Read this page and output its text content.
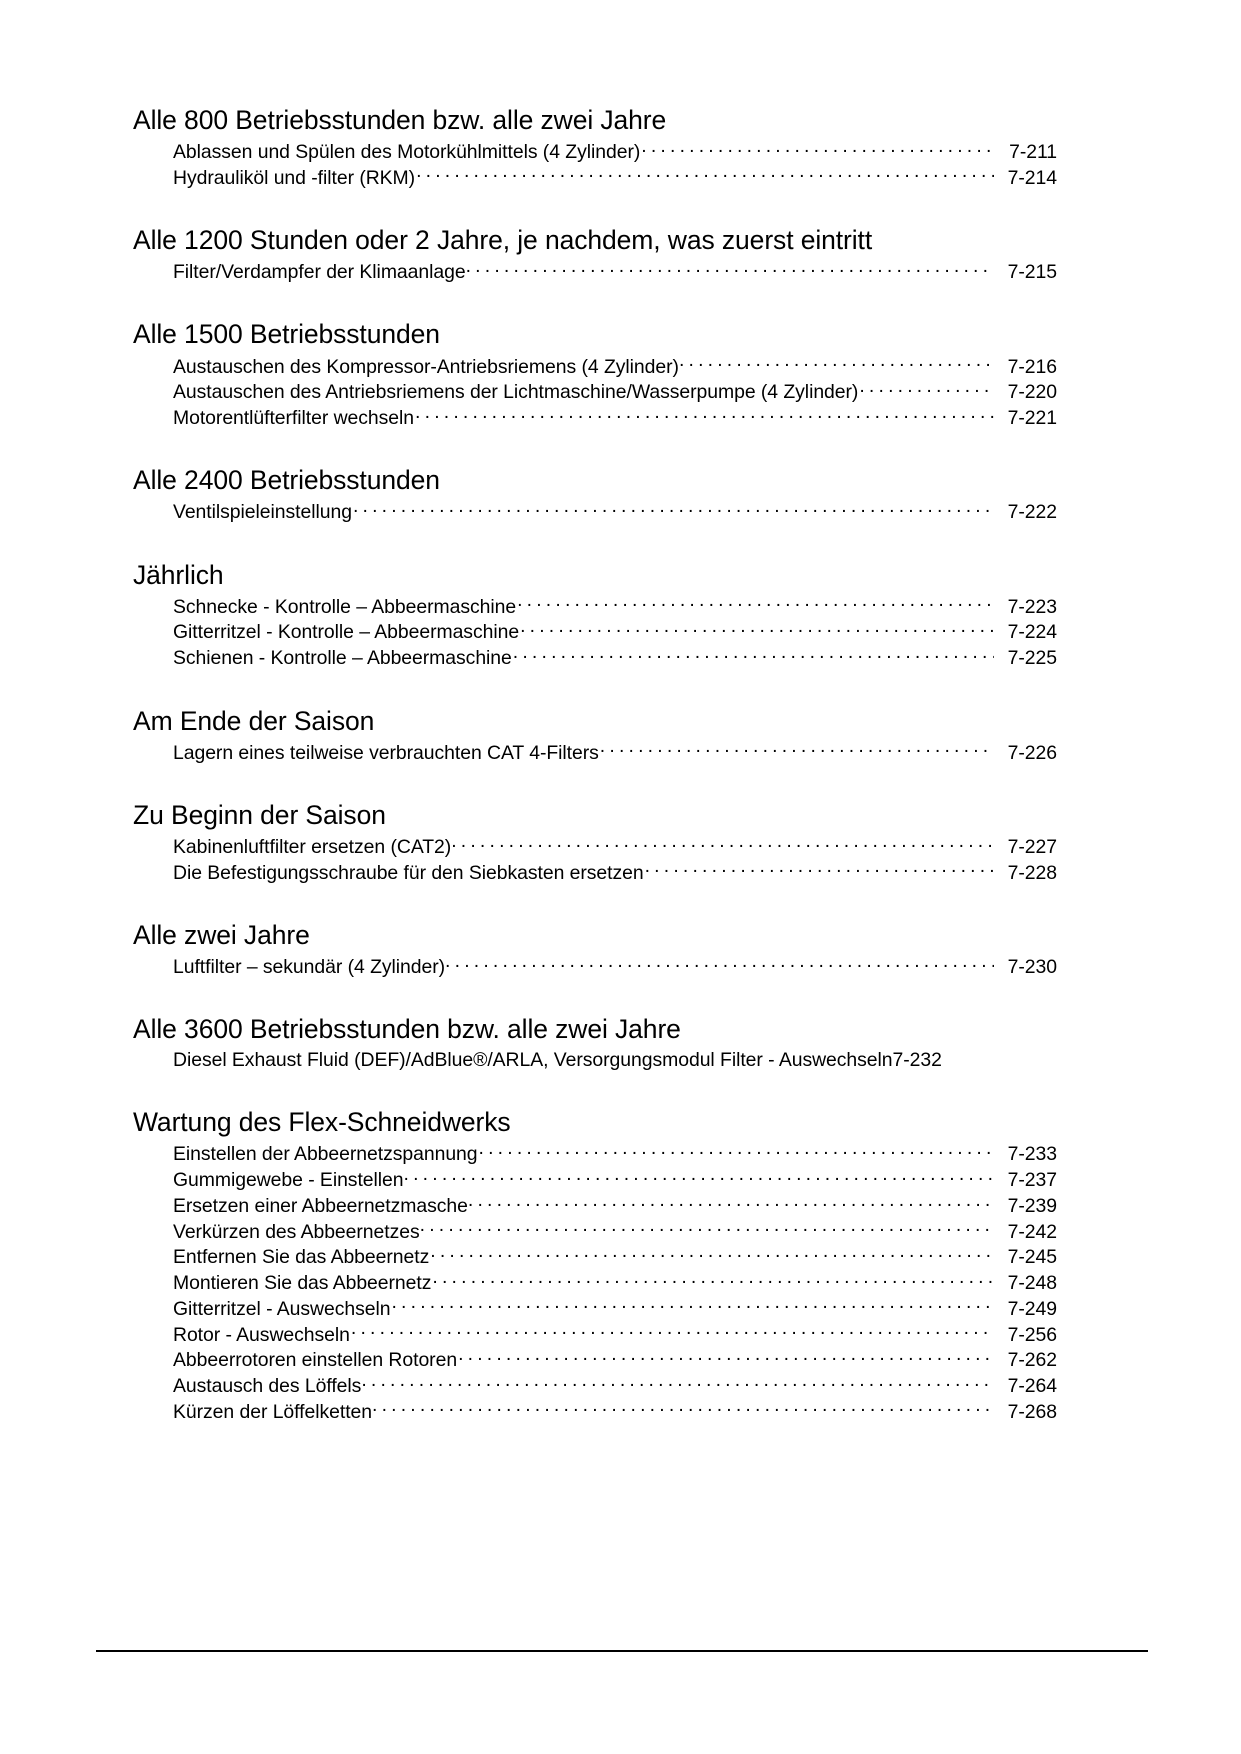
Alle 800 Betriebsstunden bzw. alle zwei Jahre
Ablassen und Spülen des Motorkühlmittels (4 Zylinder) . . .	7-211
Hydrauliköl und -filter (RKM) . . .	7-214
Alle 1200 Stunden oder 2 Jahre, je nachdem, was zuerst eintritt
Filter/Verdampfer der Klimaanlage . . .	7-215
Alle 1500 Betriebsstunden
Austauschen des Kompressor-Antriebsriemens (4 Zylinder) . . .	7-216
Austauschen des Antriebsriemens der Lichtmaschine/Wasserpumpe (4 Zylinder) . . .	7-220
Motorentlüfterfilter wechseln . . .	7-221
Alle 2400 Betriebsstunden
Ventilspieleinstellung . . .	7-222
Jährlich
Schnecke - Kontrolle – Abbeermaschine . . .	7-223
Gitterritzel - Kontrolle – Abbeermaschine . . .	7-224
Schienen - Kontrolle – Abbeermaschine . . .	7-225
Am Ende der Saison
Lagern eines teilweise verbrauchten CAT 4-Filters . . .	7-226
Zu Beginn der Saison
Kabinenluftfilter ersetzen (CAT2) . . .	7-227
Die Befestigungsschraube für den Siebkasten ersetzen . . .	7-228
Alle zwei Jahre
Luftfilter – sekundär (4 Zylinder) . . .	7-230
Alle 3600 Betriebsstunden bzw. alle zwei Jahre
Diesel Exhaust Fluid (DEF)/AdBlue®/ARLA, Versorgungsmodul Filter - Auswechseln 7-232
Wartung des Flex-Schneidwerks
Einstellen der Abbeernetzspannung . . .	7-233
Gummigewebe - Einstellen . . .	7-237
Ersetzen einer Abbeernetzmasche . . .	7-239
Verkürzen des Abbeernetzes . . .	7-242
Entfernen Sie das Abbeernetz . . .	7-245
Montieren Sie das Abbeernetz . . .	7-248
Gitterritzel - Auswechseln . . .	7-249
Rotor - Auswechseln . . .	7-256
Abbeerrotoren einstellen Rotoren . . .	7-262
Austausch des Löffels . . .	7-264
Kürzen der Löffelketten . . .	7-268
